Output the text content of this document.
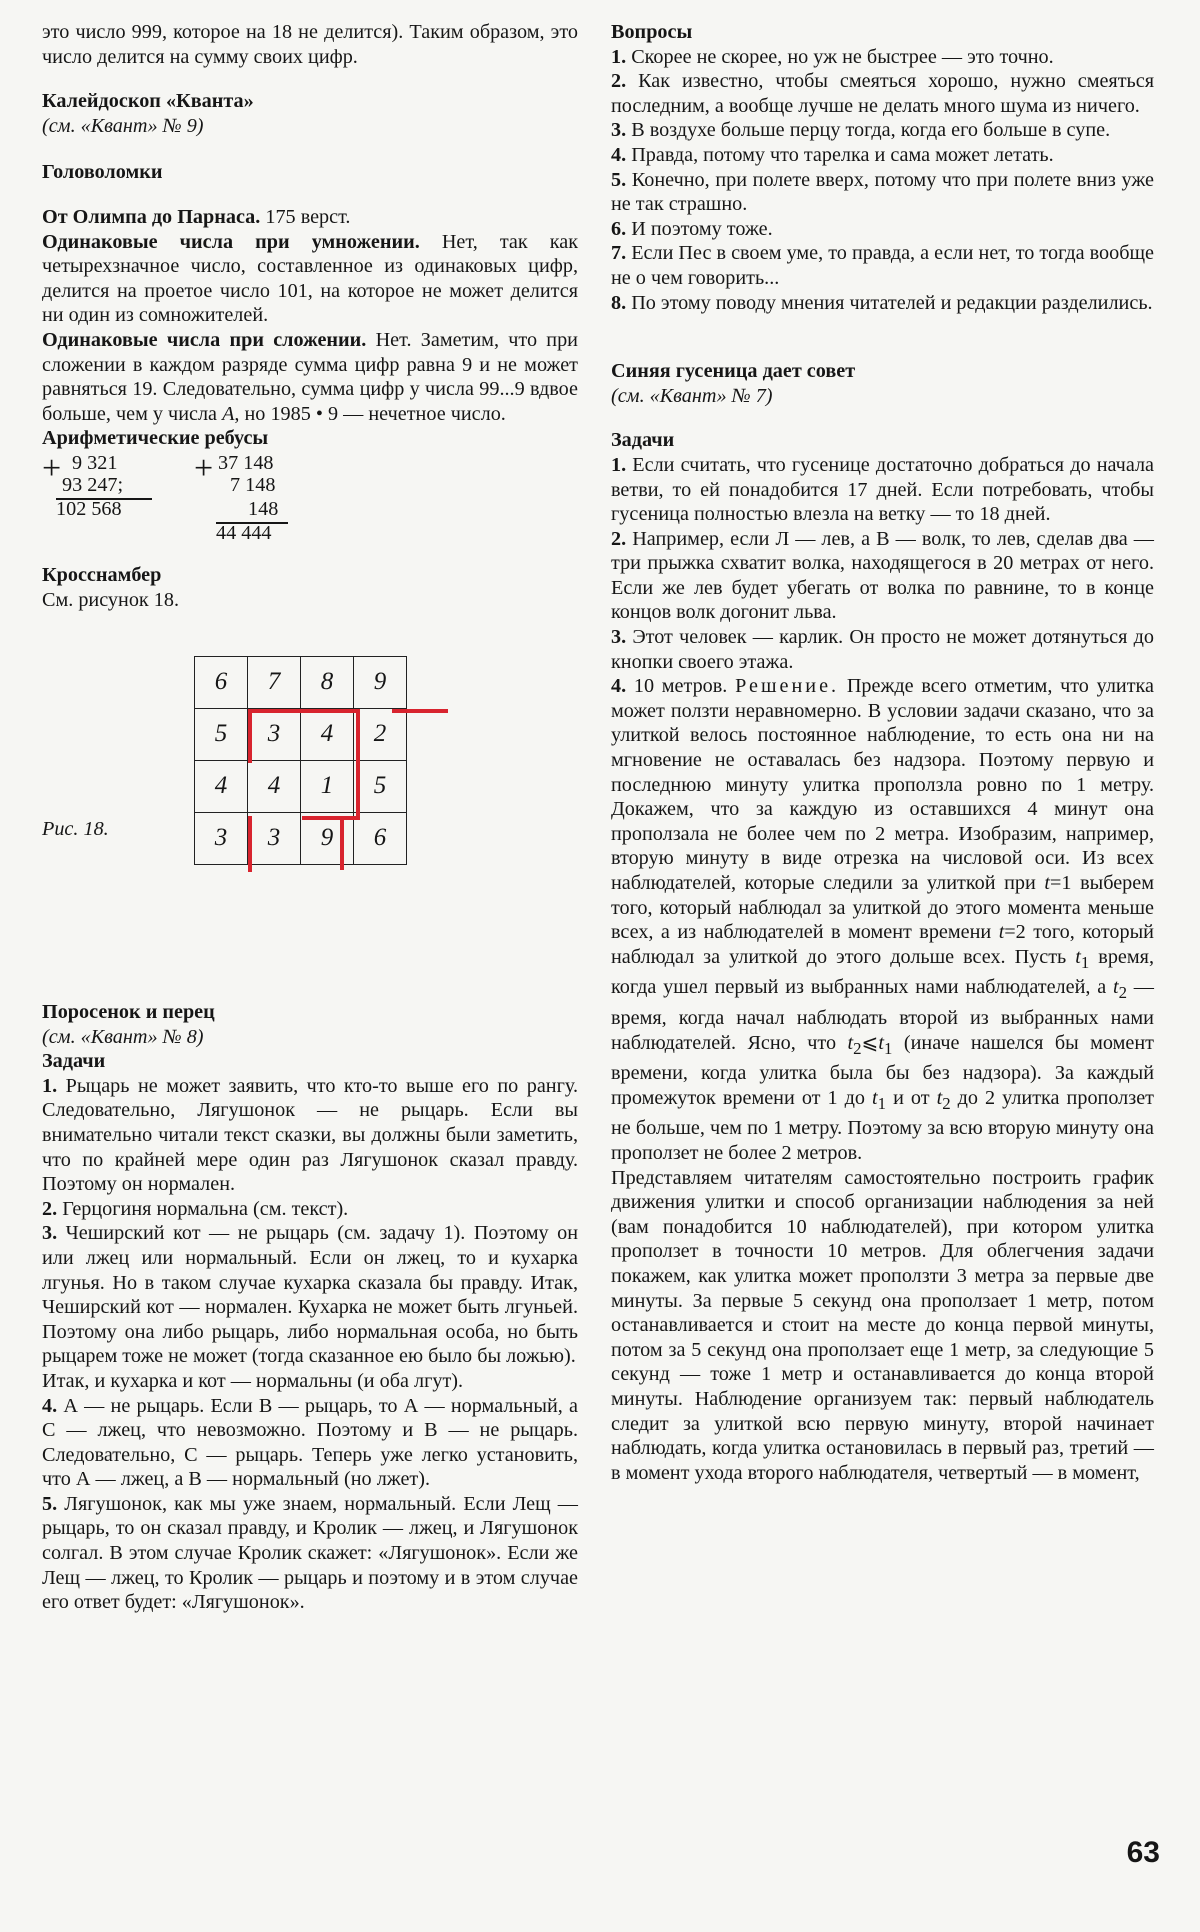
это число 999, которое на 18 не делится). Таким образом, это число делится на сумму своих цифр.

Калейдоскоп «Кванта»

(см. «Квант» № 9)

Головоломки

От Олимпа до Парнаса. 175 верст.

Одинаковые числа при умножении. Нет, так как четырехзначное число, составленное из одинаковых цифр, делится на проетое число 101, на которое не может делится ни один из сомножителей.

Одинаковые числа при сложении. Нет. Заметим, что при сложении в каждом разряде сумма цифр равна 9 и не может равняться 19. Следовательно, сумма цифр у числа 99...9 вдвое больше, чем у числа A, но 1985 • 9 — нечетное число.

Арифметические ребусы
9 321
+ 93 247;
102 568
37 148
+ 7 148
148
44 444
Кросснамбер

См. рисунок 18.

6	7	8	9
5	3	4	2
4	4	1	5
3	3	9	6

Рис. 18.

Поросенок и перец

(см. «Квант» № 8)

Задачи

1. Рыцарь не может заявить, что кто-то выше его по рангу. Следовательно, Лягушонок — не рыцарь. Если вы внимательно читали текст сказки, вы должны были заметить, что по крайней мере один раз Лягушонок сказал правду. Поэтому он нормален.

2. Герцогиня нормальна (см. текст).

3. Чеширский кот — не рыцарь (см. задачу 1). Поэтому он или лжец или нормальный. Если он лжец, то и кухарка лгунья. Но в таком случае кухарка сказала бы правду. Итак, Чеширский кот — нормален. Кухарка не может быть лгуньей. Поэтому она либо рыцарь, либо нормальная особа, но быть рыцарем тоже не может (тогда сказанное ею было бы ложью).

Итак, и кухарка и кот — нормальны (и оба лгут).

4. А — не рыцарь. Если В — рыцарь, то А — нормальный, а С — лжец, что невозможно. Поэтому и В — не рыцарь. Следовательно, С — рыцарь. Теперь уже легко установить, что А — лжец, а В — нормальный (но лжет).

5. Лягушонок, как мы уже знаем, нормальный. Если Лещ — рыцарь, то он сказал правду, и Кролик — лжец, и Лягушонок солгал. В этом случае Кролик скажет: «Лягушонок». Если же Лещ — лжец, то Кролик — рыцарь и поэтому и в этом случае его ответ будет: «Лягушонок».

Вопросы

1. Скорее не скорее, но уж не быстрее — это точно.

2. Как известно, чтобы смеяться хорошо, нужно смеяться последним, а вообще лучше не делать много шума из ничего.

3. В воздухе больше перцу тогда, когда его больше в супе.

4. Правда, потому что тарелка и сама может летать.

5. Конечно, при полете вверх, потому что при полете вниз уже не так страшно.

6. И поэтому тоже.

7. Если Пес в своем уме, то правда, а если нет, то тогда вообще не о чем говорить...

8. По этому поводу мнения читателей и редакции разделились.

Синяя гусеница дает совет

(см. «Квант» № 7)

Задачи

1. Если считать, что гусенице достаточно добраться до начала ветви, то ей понадобится 17 дней. Если потребовать, чтобы гусеница полностью влезла на ветку — то 18 дней.

2. Например, если Л — лев, а В — волк, то лев, сделав два — три прыжка схватит волка, находящегося в 20 метрах от него. Если же лев будет убегать от волка по равнине, то в конце концов волк догонит льва.

3. Этот человек — карлик. Он просто не может дотянуться до кнопки своего этажа.

4. 10 метров. Решение. Прежде всего отметим, что улитка может ползти неравномерно. В условии задачи сказано, что за улиткой велось постоянное наблюдение, то есть она ни на мгновение не оставалась без надзора. Поэтому первую и последнюю минуту улитка проползла ровно по 1 метру. Докажем, что за каждую из оставшихся 4 минут она проползала не более чем по 2 метра. Изобразим, например, вторую минуту в виде отрезка на числовой оси. Из всех наблюдателей, которые следили за улиткой при t=1 выберем того, который наблюдал за улиткой до этого момента меньше всех, а из наблюдателей в момент времени t=2 того, который наблюдал за улиткой до этого дольше всех. Пусть $t_1$ время, когда ушел первый из выбранных нами наблюдателей, а $t_2$ — время, когда начал наблюдать второй из выбранных нами наблюдателей. Ясно, что $t_2⩽t_1$ (иначе нашелся бы момент времени, когда улитка была бы без надзора). За каждый промежуток времени от 1 до $t_1$ и от $t_2$ до 2 улитка проползет не больше, чем по 1 метру. Поэтому за всю вторую минуту она проползет не более 2 метров.

Представляем читателям самостоятельно построить график движения улитки и способ организации наблюдения за ней (вам понадобится 10 наблюдателей), при котором улитка проползет в точности 10 метров. Для облегчения задачи покажем, как улитка может проползти 3 метра за первые две минуты. За первые 5 секунд она проползает 1 метр, потом останавливается и стоит на месте до конца первой минуты, потом за 5 секунд она проползает еще 1 метр, за следующие 5 секунд — тоже 1 метр и останавливается до конца второй минуты. Наблюдение организуем так: первый наблюдатель следит за улиткой всю первую минуту, второй начинает наблюдать, когда улитка остановилась в первый раз, третий — в момент ухода второго наблюдателя, четвертый — в момент,

63
